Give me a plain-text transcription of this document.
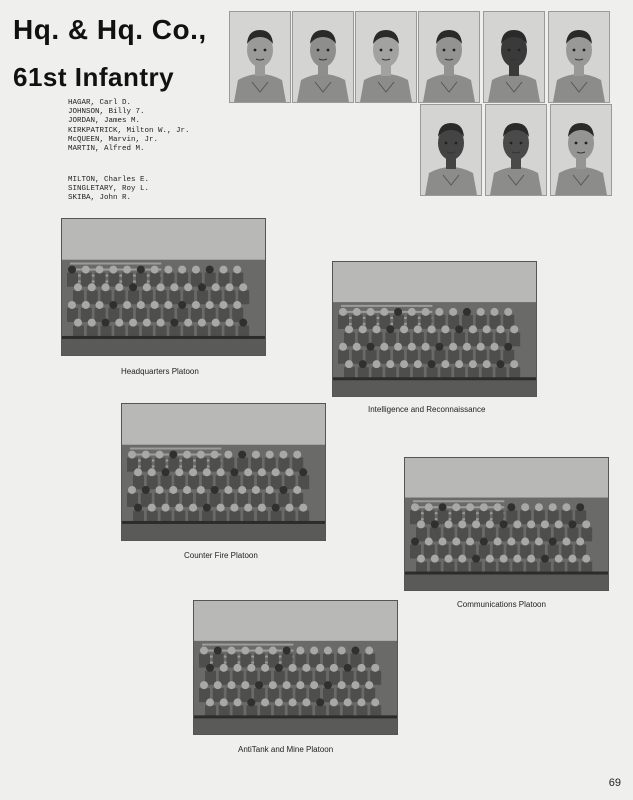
Hq. & Hq. Co.,
61st Infantry
HAGAR, Carl D.
JOHNSON, Billy 7.
JORDAN, James M.
KIRKPATRICK, Milton W., Jr.
McQUEEN, Marvin, Jr.
MARTIN, Alfred M.
MILTON, Charles E.
SINGLETARY, Roy L.
SKIBA, John R.
Headquarters Platoon
Intelligence and Reconnaissance
Counter Fire Platoon
Communications Platoon
AntiTank and Mine Platoon
69
